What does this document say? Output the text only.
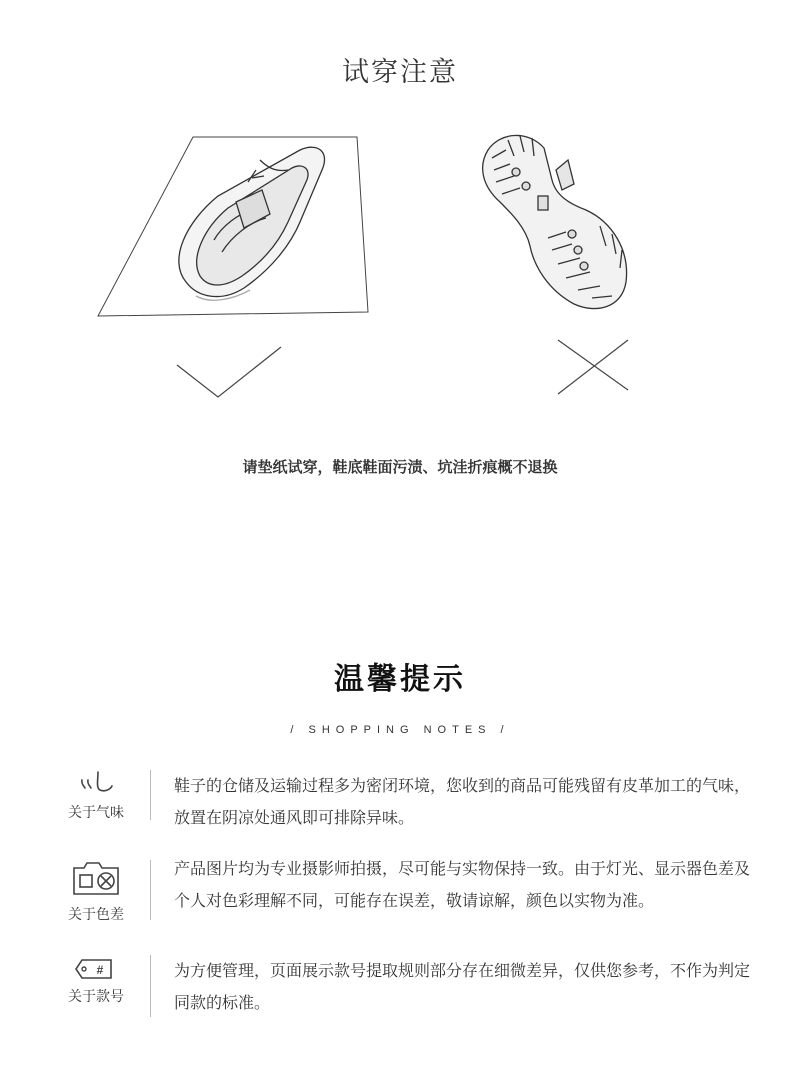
试穿注意
请垫纸试穿，鞋底鞋面污渍、坑洼折痕概不退换
温馨提示
/ SHOPPING NOTES /
关于气味
鞋子的仓储及运输过程多为密闭环境，您收到的商品可能残留有皮革加工的气味，放置在阴凉处通风即可排除异味。
关于色差
产品图片均为专业摄影师拍摄，尽可能与实物保持一致。由于灯光、显示器色差及个人对色彩理解不同，可能存在误差，敬请谅解，颜色以实物为准。
#
关于款号
为方便管理，页面展示款号提取规则部分存在细微差异，仅供您参考，不作为判定同款的标准。
